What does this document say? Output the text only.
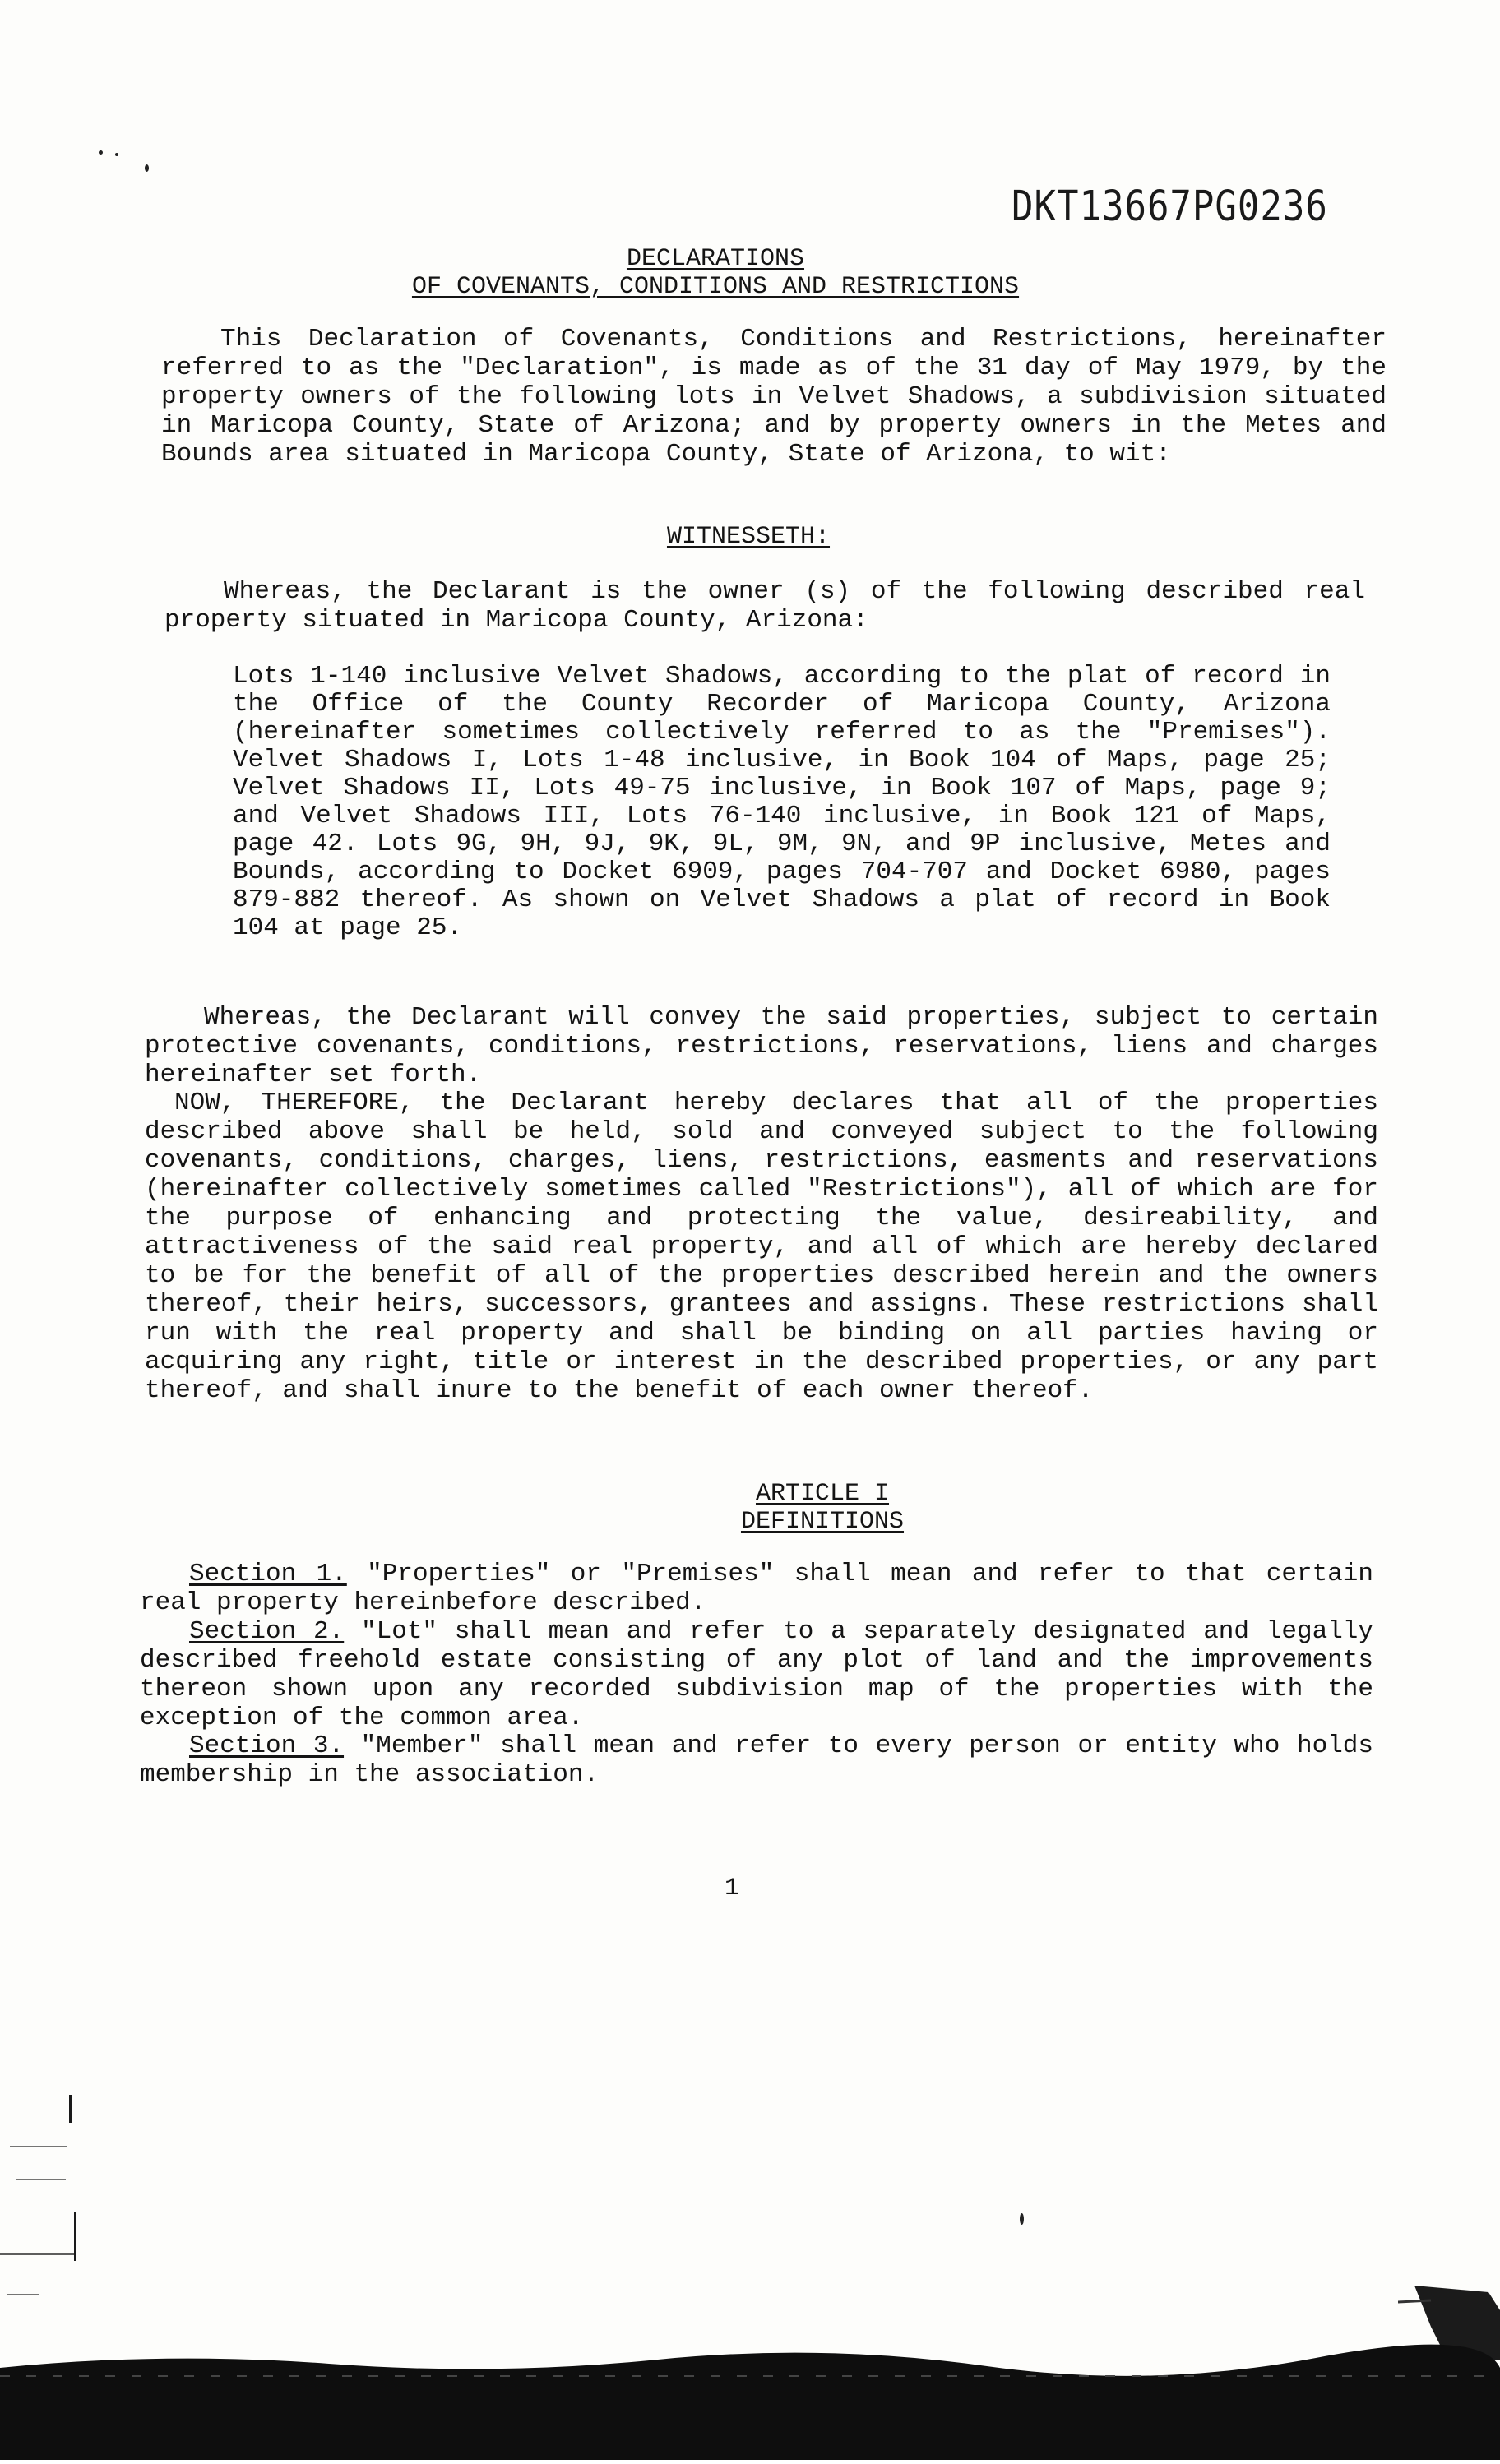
DKT13667PG0236
DECLARATIONS
OF COVENANTS, CONDITIONS AND RESTRICTIONS

This Declaration of Covenants, Conditions and Restrictions, hereinafter referred to as the "Declaration", is made as of the 31 day of May 1979, by the property owners of the following lots in Velvet Shadows, a subdivision situated in Maricopa County, State of Arizona; and by property owners in the Metes and Bounds area situated in Maricopa County, State of Arizona, to wit:

WITNESSETH:

Whereas, the Declarant is the owner (s) of the following described real property situated in Maricopa County, Arizona:

Lots 1-140 inclusive Velvet Shadows, according to the plat of record in the Office of the County Recorder of Maricopa County, Arizona (hereinafter sometimes collectively referred to as the "Premises"). Velvet Shadows I, Lots 1-48 inclusive, in Book 104 of Maps, page 25; Velvet Shadows II, Lots 49-75 inclusive, in Book 107 of Maps, page 9; and Velvet Shadows III, Lots 76-140 inclusive, in Book 121 of Maps, page 42. Lots 9G, 9H, 9J, 9K, 9L, 9M, 9N, and 9P inclusive, Metes and Bounds, according to Docket 6909, pages 704-707 and Docket 6980, pages 879-882 thereof. As shown on Velvet Shadows a plat of record in Book 104 at page 25.

Whereas, the Declarant will convey the said properties, subject to certain protective covenants, conditions, restrictions, reservations, liens and charges hereinafter set forth.

NOW, THEREFORE, the Declarant hereby declares that all of the properties described above shall be held, sold and conveyed subject to the following covenants, conditions, charges, liens, restrictions, easments and reservations (hereinafter collectively sometimes called "Restrictions"), all of which are for the purpose of enhancing and protecting the value, desireability, and attractiveness of the said real property, and all of which are hereby declared to be for the benefit of all of the properties described herein and the owners thereof, their heirs, successors, grantees and assigns. These restrictions shall run with the real property and shall be binding on all parties having or acquiring any right, title or interest in the described properties, or any part thereof, and shall inure to the benefit of each owner thereof.

ARTICLE I
DEFINITIONS

Section 1. "Properties" or "Premises" shall mean and refer to that certain real property hereinbefore described.

Section 2. "Lot" shall mean and refer to a separately designated and legally described freehold estate consisting of any plot of land and the improvements thereon shown upon any recorded subdivision map of the properties with the exception of the common area.

Section 3. "Member" shall mean and refer to every person or entity who holds membership in the association.

1
